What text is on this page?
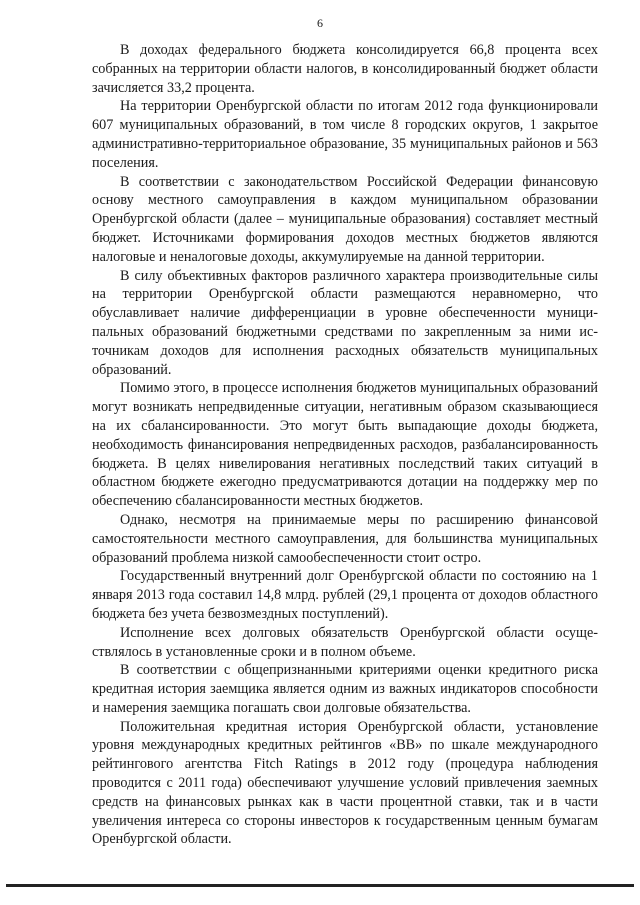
6

В доходах федерального бюджета консолидируется 66,8 процента всех собранных на территории области налогов, в консолидированный бюджет области зачисляется 33,2 процента.

На территории Оренбургской области по итогам 2012 года функционировали 607 муниципальных образований, в том числе 8 городских округов, 1 закрытое административно-территориальное образование, 35 муниципальных районов и 563 поселения.

В соответствии с законодательством Российской Федерации финансовую основу местного самоуправления в каждом муниципальном образовании Оренбургской области (далее – муниципальные образования) составляет местный бюджет. Источниками формирования доходов местных бюджетов являются налоговые и неналоговые доходы, аккумулируемые на данной территории.

В силу объективных факторов различного характера производительные силы на территории Оренбургской области размещаются неравномерно, что обуславливает наличие дифференциации в уровне обеспеченности муниципальных образований бюджетными средствами по закрепленным за ними источникам доходов для исполнения расходных обязательств муниципальных образований.

Помимо этого, в процессе исполнения бюджетов муниципальных образований могут возникать непредвиденные ситуации, негативным образом сказывающиеся на их сбалансированности. Это могут быть выпадающие доходы бюджета, необходимость финансирования непредвиденных расходов, разбалансированность бюджета. В целях нивелирования негативных последствий таких ситуаций в областном бюджете ежегодно предусматриваются дотации на поддержку мер по обеспечению сбалансированности местных бюджетов.

Однако, несмотря на принимаемые меры по расширению финансовой самостоятельности местного самоуправления, для большинства муниципальных образований проблема низкой самообеспеченности стоит остро.

Государственный внутренний долг Оренбургской области по состоянию на 1 января 2013 года составил 14,8 млрд. рублей (29,1 процента от доходов областного бюджета без учета безвозмездных поступлений).

Исполнение всех долговых обязательств Оренбургской области осуществлялось в установленные сроки и в полном объеме.

В соответствии с общепризнанными критериями оценки кредитного риска кредитная история заемщика является одним из важных индикаторов способности и намерения заемщика погашать свои долговые обязательства.

Положительная кредитная история Оренбургской области, установление уровня международных кредитных рейтингов «BB» по шкале международного рейтингового агентства Fitch Ratings в 2012 году (процедура наблюдения проводится с 2011 года) обеспечивают улучшение условий привлечения заемных средств на финансовых рынках как в части процентной ставки, так и в части увеличения интереса со стороны инвесторов к государственным ценным бумагам Оренбургской области.
